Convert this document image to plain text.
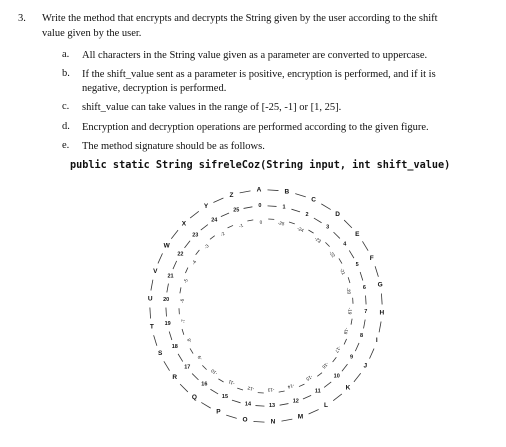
3. Write the method that encrypts and decrypts the String given by the user according to the shift
value given by the user.
a.	All characters in the String value given as a parameter are converted to uppercase.
b.	If the shift_value sent as a parameter is positive, encryption is performed, and if it is
negative, decryption is performed.
c.	shift_value can take values in the range of [-25, -1] or [1, 25].
d.	Encryption and decryption operations are performed according to the given figure.
e.	The method signature should be as follows.
public static String sifreleCoz(String input, int shift_value)
A
0
0
B
1
-25
C
2
-24
D
3
-23
E
4
-22
F
5
-21
G
6
-20
H
7
-19
I
8
-18
J
9
-17
K
10
-16
L
11
-15
M
12
-14
N
13
-13
O
14
-12
P
15
-11
Q
16
-10
R
17
-9
S
18
-8
T 19 -7
U 20 -6
V
21
-5
W
22
-4
X
23
-3
Y
24
-2
Z
25
-1
